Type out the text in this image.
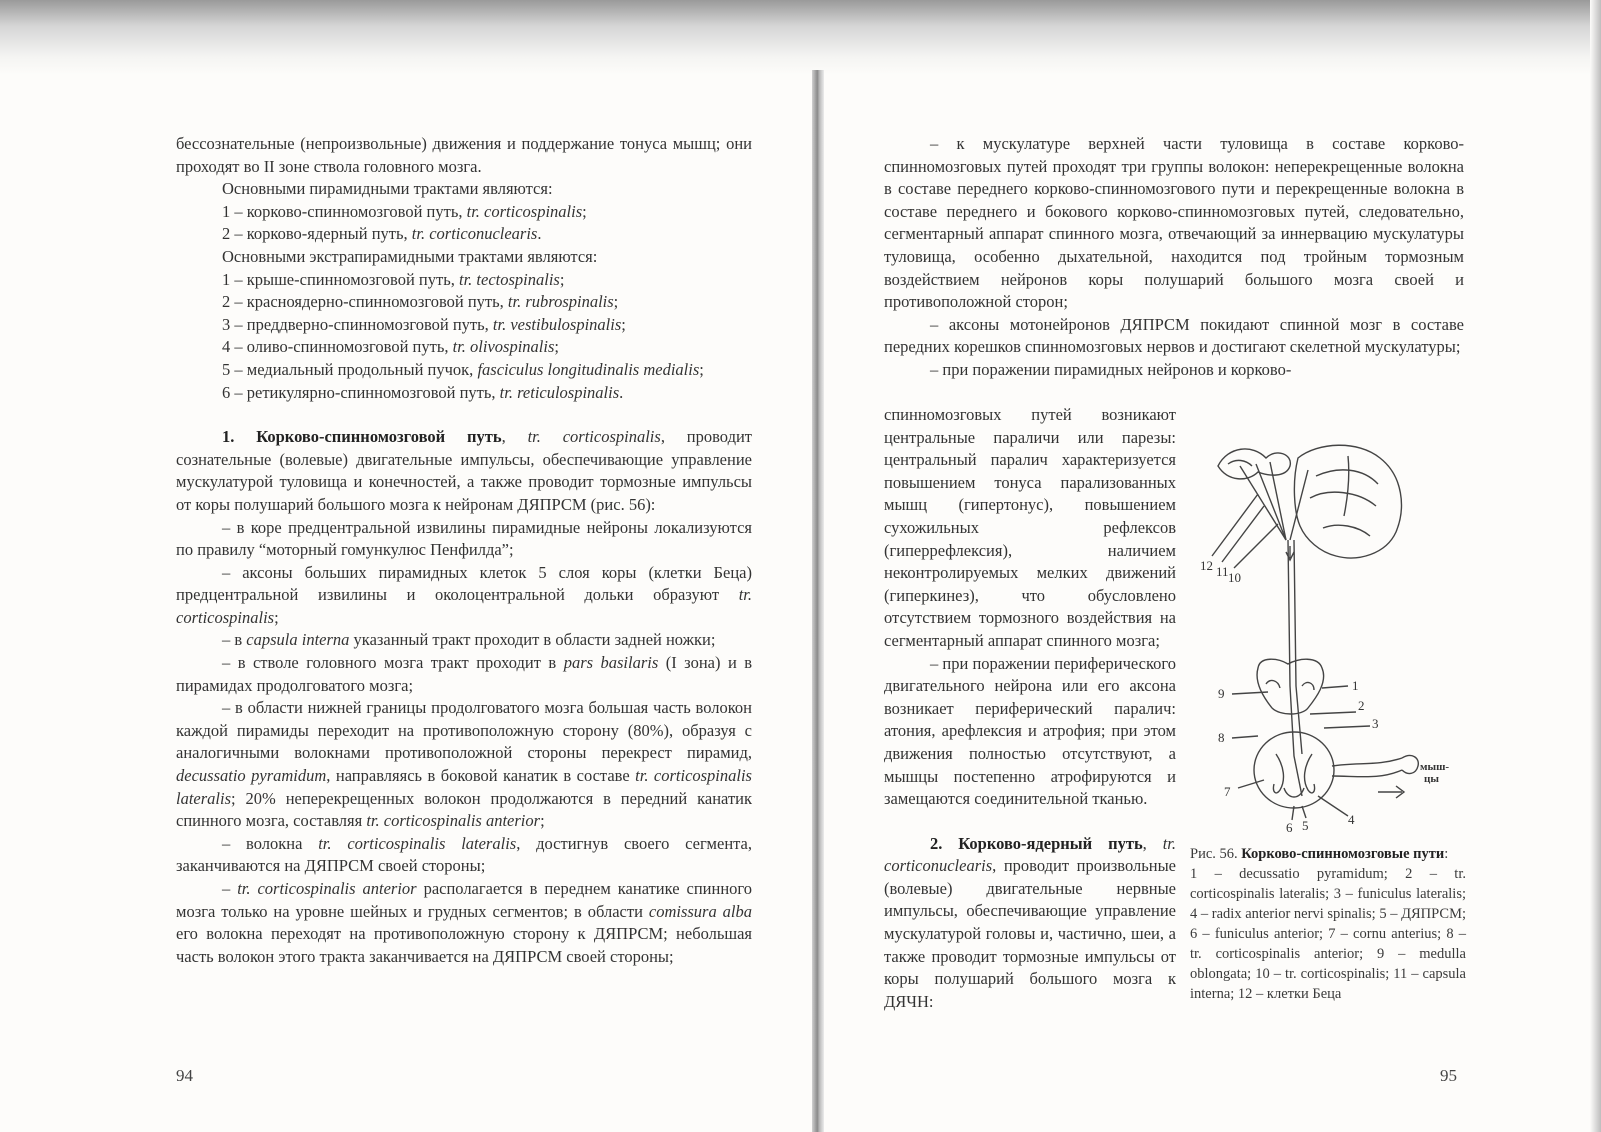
бессознательные (непроизвольные) движения и поддержание тонуса мышц; они проходят во II зоне ствола головного мозга.

Основными пирамидными трактами являются:

1 – корково-спинномозговой путь, tr. corticospinalis;

2 – корково-ядерный путь, tr. corticonuclearis.

Основными экстрапирамидными трактами являются:

1 – крыше-спинномозговой путь, tr. tectospinalis;

2 – красноядерно-спинномозговой путь, tr. rubrospinalis;

3 – преддверно-спинномозговой путь, tr. vestibulospinalis;

4 – оливо-спинномозговой путь, tr. olivospinalis;

5 – медиальный продольный пучок, fasciculus longitudinalis medialis;

6 – ретикулярно-спинномозговой путь, tr. reticulospinalis.

1. Корково-спинномозговой путь, tr. corticospinalis, проводит сознательные (волевые) двигательные импульсы, обеспечивающие управление мускулатурой туловища и конечностей, а также проводит тормозные импульсы от коры полушарий большого мозга к нейронам ДЯПРСМ (рис. 56):

– в коре предцентральной извилины пирамидные нейроны локализуются по правилу “моторный гомункулюс Пенфилда”;

– аксоны больших пирамидных клеток 5 слоя коры (клетки Беца) предцентральной извилины и околоцентральной дольки образуют tr. corticospinalis;

– в capsula interna указанный тракт проходит в области задней ножки;

– в стволе головного мозга тракт проходит в pars basilaris (I зона) и в пирамидах продолговатого мозга;

– в области нижней границы продолговатого мозга большая часть волокон каждой пирамиды переходит на противоположную сторону (80%), образуя с аналогичными волокнами противоположной стороны перекрест пирамид, decussatio pyramidum, направляясь в боковой канатик в составе tr. corticospinalis lateralis; 20% неперекрещенных волокон продолжаются в передний канатик спинного мозга, составляя tr. corticospinalis anterior;

– волокна tr. corticospinalis lateralis, достигнув своего сегмента, заканчиваются на ДЯПРСМ своей стороны;

– tr. corticospinalis anterior располагается в переднем канатике спинного мозга только на уровне шейных и грудных сегментов; в области comissura alba его волокна переходят на противоположную сторону к ДЯПРСМ; небольшая часть волокон этого тракта заканчивается на ДЯПРСМ своей стороны;

94

– к мускулатуре верхней части туловища в составе корково-спинномозговых путей проходят три группы волокон: неперекрещенные волокна в составе переднего корково-спинномозгового пути и перекрещенные волокна в составе переднего и бокового корково-спинномозговых путей, следовательно, сегментарный аппарат спинного мозга, отвечающий за иннервацию мускулатуры туловища, особенно дыхательной, находится под тройным тормозным воздействием нейронов коры полушарий большого мозга своей и противоположной сторон;

– аксоны мотонейронов ДЯПРСМ покидают спинной мозг в составе передних корешков спинномозговых нервов и достигают скелетной мускулатуры;

– при поражении пирамидных нейронов и корково-

спинномозговых путей возникают центральные параличи или парезы: центральный паралич характеризуется повышением тонуса парализованных мышц (гипертонус), повышением сухожильных рефлексов (гиперрефлексия), наличием неконтролируемых мелких движений (гиперкинез), что обусловлено отсутствием тормозного воздействия на сегментарный аппарат спинного мозга;

– при поражении периферического двигательного нейрона или его аксона возникает периферический паралич: атония, арефлексия и атрофия; при этом движения полностью отсутствуют, а мышцы постепенно атрофируются и замещаются соединительной тканью.

2. Корково-ядерный путь, tr. corticonuclearis, проводит произвольные (волевые) двигательные нервные импульсы, обеспечивающие управление мускулатурой головы и, частично, шеи, а также проводит тормозные импульсы от коры полушарий большого мозга к ДЯЧН:

12 11 10
9
1
2
3
8
7
6 5	4
мыш-
цы
Рис. 56. Корково-спинномозговые пути:
1 – decussatio pyramidum; 2 – tr. corticospinalis lateralis; 3 – funiculus lateralis; 4 – radix anterior nervi spinalis; 5 – ДЯПРСМ; 6 – funiculus anterior; 7 – cornu anterius; 8 – tr. corticospinalis anterior; 9 – medulla oblongata; 10 – tr. corticospinalis; 11 – capsula interna; 12 – клетки Беца
95
